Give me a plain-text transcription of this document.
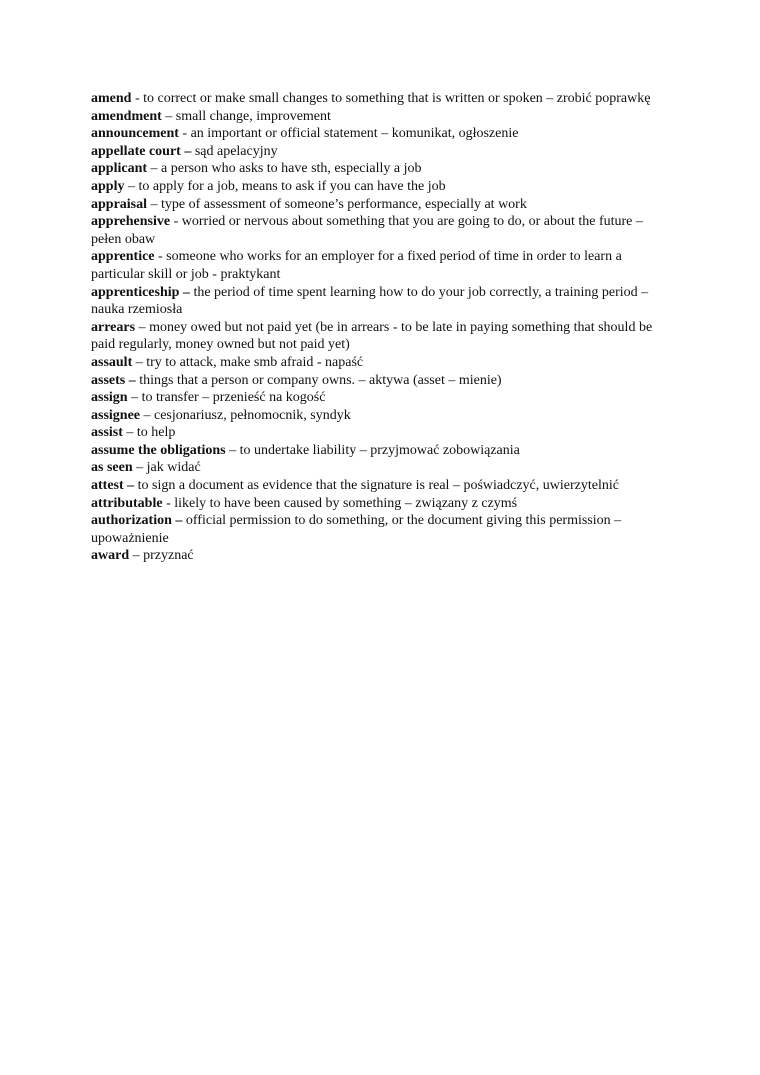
amend - to correct or make small changes to something that is written or spoken – zrobić poprawkę

amendment – small change, improvement

announcement - an important or official statement – komunikat, ogłoszenie

appellate court – sąd apelacyjny

applicant – a person who asks to have sth, especially a job

apply – to apply for a job, means to ask if you can have the job

appraisal – type of assessment of someone’s performance, especially at work

apprehensive - worried or nervous about something that you are going to do, or about the future – pełen obaw

apprentice - someone who works for an employer for a fixed period of time in order to learn a particular skill or job - praktykant

apprenticeship – the period of time spent learning how to do your job correctly, a training period – nauka rzemiosła

arrears – money owed but not paid yet (be in arrears - to be late in paying something that should be paid regularly, money owned but not paid yet)

assault – try to attack, make smb afraid - napaść

assets – things that a person or company owns. – aktywa (asset – mienie)

assign – to transfer – przenieść na kogość

assignee – cesjonariusz, pełnomocnik, syndyk

assist – to help

assume the obligations – to undertake liability – przyjmować zobowiązania

as seen – jak widać

attest – to sign a document as evidence that the signature is real – poświadczyć, uwierzytelnić

attributable - likely to have been caused by something – związany z czymś

authorization – official permission to do something, or the document giving this permission – upoważnienie

award – przyznać
